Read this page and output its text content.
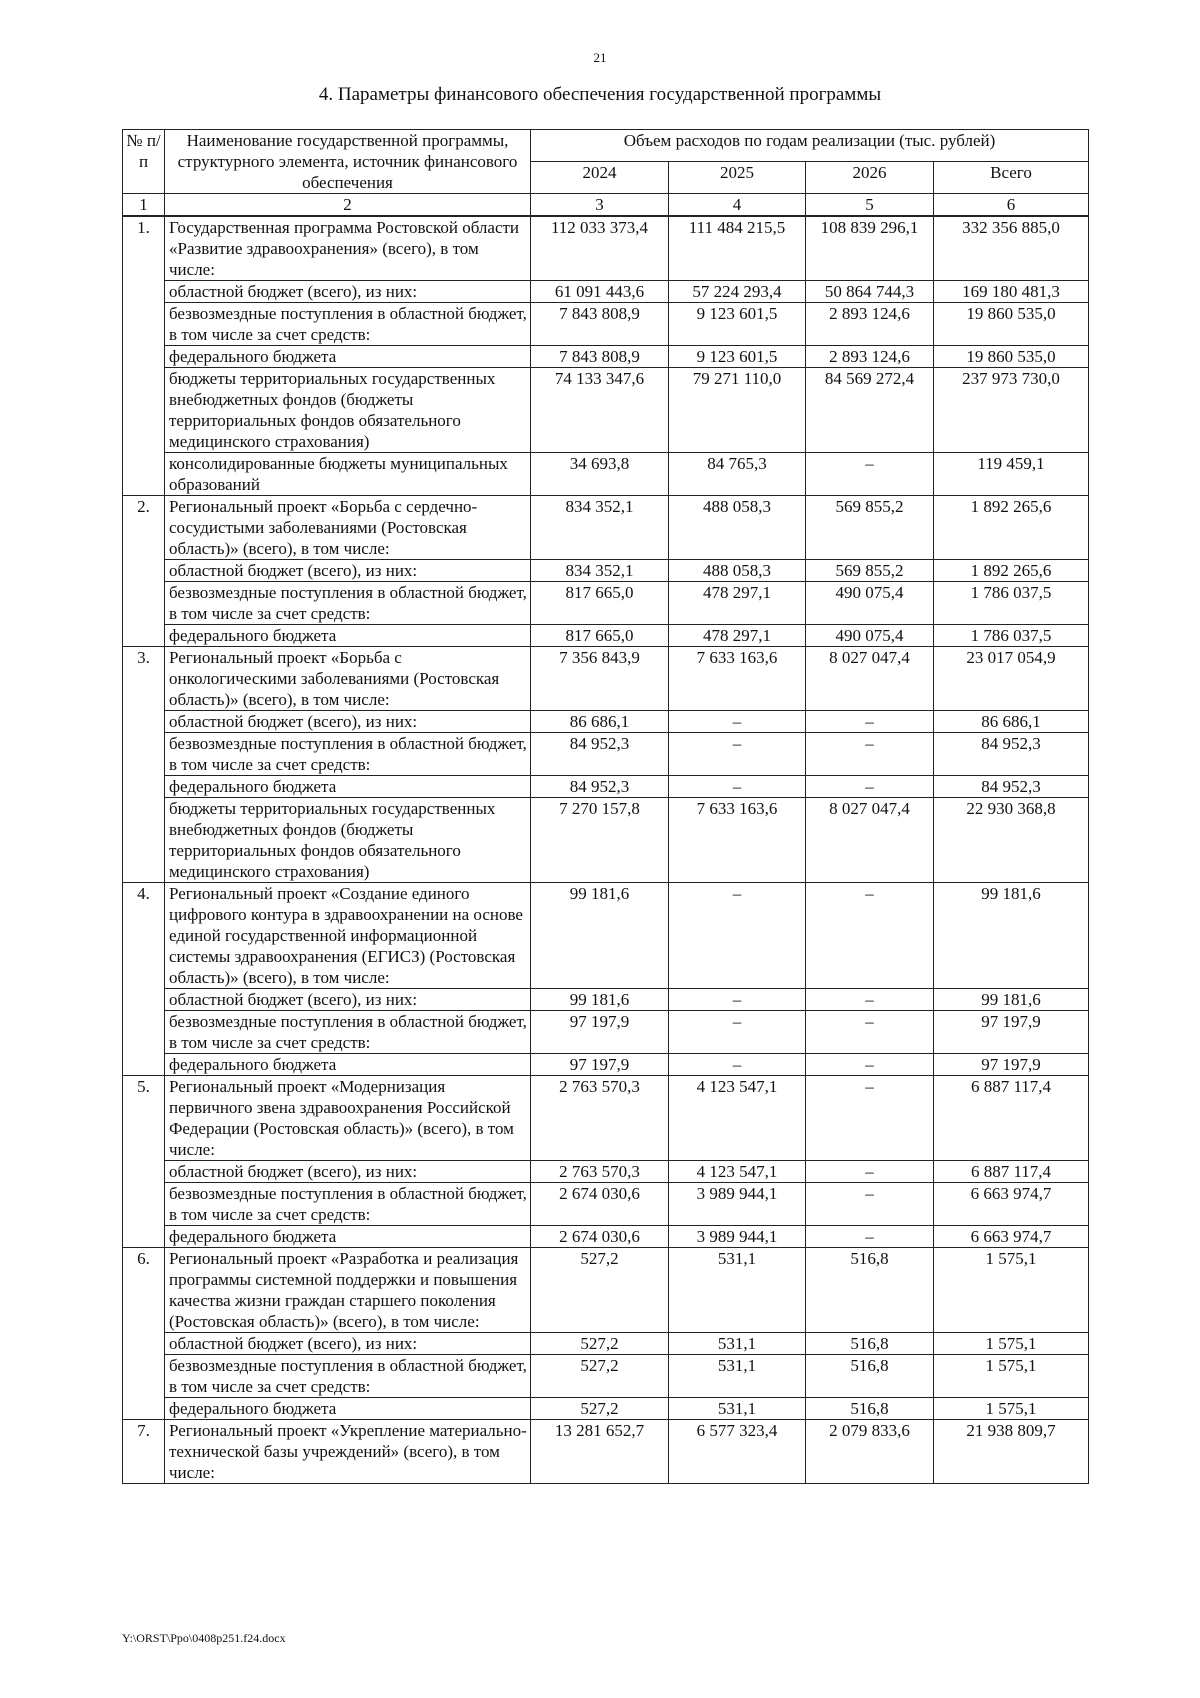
21
4. Параметры финансового обеспечения государственной программы
№ п/п	Наименование государственной программы, структурного элемента, источник финансового обеспечения	Объем расходов по годам реализации (тыс. рублей)			
		2024	2025	2026	Всего
1	2	3	4	5	6
1.	Государственная программа Ростовской области «Развитие здравоохранения» (всего), в том числе:	112 033 373,4	111 484 215,5	108 839 296,1	332 356 885,0
	областной бюджет (всего), из них:	61 091 443,6	57 224 293,4	50 864 744,3	169 180 481,3
	безвозмездные поступления в областной бюджет, в том числе за счет средств:	7 843 808,9	9 123 601,5	2 893 124,6	19 860 535,0
	федерального бюджета	7 843 808,9	9 123 601,5	2 893 124,6	19 860 535,0
	бюджеты территориальных государственных внебюджетных фондов (бюджеты территориальных фондов обязательного медицинского страхования)	74 133 347,6	79 271 110,0	84 569 272,4	237 973 730,0
	консолидированные бюджеты муниципальных образований	34 693,8	84 765,3	–	119 459,1
2.	Региональный проект «Борьба с сердечно-сосудистыми заболеваниями (Ростовская область)» (всего), в том числе:	834 352,1	488 058,3	569 855,2	1 892 265,6
	областной бюджет (всего), из них:	834 352,1	488 058,3	569 855,2	1 892 265,6
	безвозмездные поступления в областной бюджет, в том числе за счет средств:	817 665,0	478 297,1	490 075,4	1 786 037,5
	федерального бюджета	817 665,0	478 297,1	490 075,4	1 786 037,5
3.	Региональный проект «Борьба с онкологическими заболеваниями (Ростовская область)» (всего), в том числе:	7 356 843,9	7 633 163,6	8 027 047,4	23 017 054,9
	областной бюджет (всего), из них:	86 686,1	–	–	86 686,1
	безвозмездные поступления в областной бюджет, в том числе за счет средств:	84 952,3	–	–	84 952,3
	федерального бюджета	84 952,3	–	–	84 952,3
	бюджеты территориальных государственных внебюджетных фондов (бюджеты территориальных фондов обязательного медицинского страхования)	7 270 157,8	7 633 163,6	8 027 047,4	22 930 368,8
4.	Региональный проект «Создание единого цифрового контура в здравоохранении на основе единой государственной информационной системы здравоохранения (ЕГИСЗ) (Ростовская область)» (всего), в том числе:	99 181,6	–	–	99 181,6
	областной бюджет (всего), из них:	99 181,6	–	–	99 181,6
	безвозмездные поступления в областной бюджет, в том числе за счет средств:	97 197,9	–	–	97 197,9
	федерального бюджета	97 197,9	–	–	97 197,9
5.	Региональный проект «Модернизация первичного звена здравоохранения Российской Федерации (Ростовская область)» (всего), в том числе:	2 763 570,3	4 123 547,1	–	6 887 117,4
	областной бюджет (всего), из них:	2 763 570,3	4 123 547,1	–	6 887 117,4
	безвозмездные поступления в областной бюджет, в том числе за счет средств:	2 674 030,6	3 989 944,1	–	6 663 974,7
	федерального бюджета	2 674 030,6	3 989 944,1	–	6 663 974,7
6.	Региональный проект «Разработка и реализация программы системной поддержки и повышения качества жизни граждан старшего поколения (Ростовская область)» (всего), в том числе:	527,2	531,1	516,8	1 575,1
	областной бюджет (всего), из них:	527,2	531,1	516,8	1 575,1
	безвозмездные поступления в областной бюджет, в том числе за счет средств:	527,2	531,1	516,8	1 575,1
	федерального бюджета	527,2	531,1	516,8	1 575,1
7.	Региональный проект «Укрепление материально-технической базы учреждений» (всего), в том числе:	13 281 652,7	6 577 323,4	2 079 833,6	21 938 809,7
Y:\ORST\Ppo\0408p251.f24.docx
